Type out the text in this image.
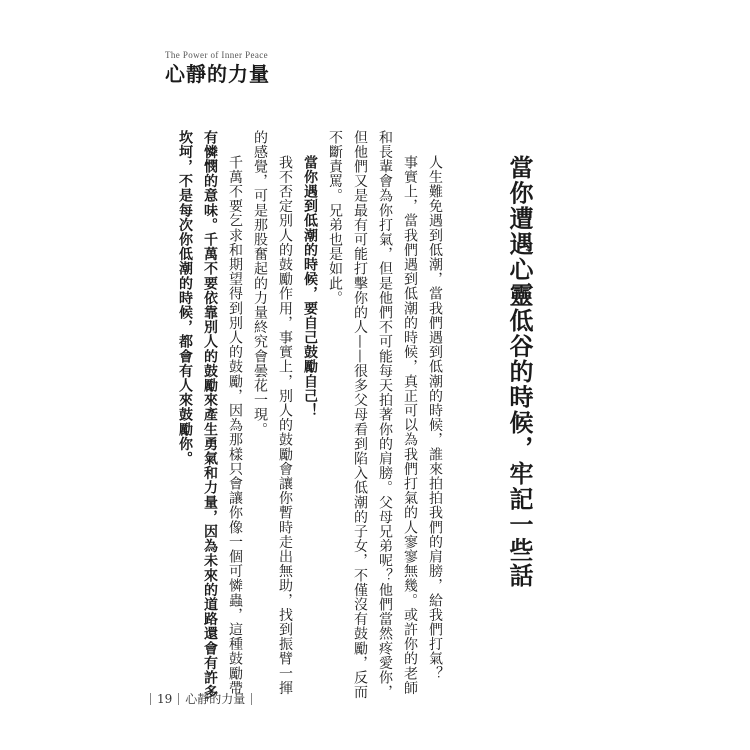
The Power of Inner Peace
心靜的力量
當你遭遇心靈低谷的時候，牢記一些話
人生難免遇到低潮，當我們遇到低潮的時候，誰來拍拍我們的肩膀，給我們打氣？
事實上，當我們遇到低潮的時候，真正可以為我們打氣的人寥寥無幾。或許你的老師
和長輩會為你打氣，但是他們不可能每天拍著你的肩膀。父母兄弟呢？他們當然疼愛你，
但他們又是最有可能打擊你的人——很多父母看到陷入低潮的子女，不僅沒有鼓勵，反而
不斷責罵。兄弟也是如此。
當你遇到低潮的時候，要自己鼓勵自己！
我不否定別人的鼓勵作用，事實上，別人的鼓勵會讓你暫時走出無助，找到振臂一揮
的感覺，可是那股奮起的力量終究會曇花一現。
千萬不要乞求和期望得到別人的鼓勵，因為那樣只會讓你像一個可憐蟲，這種鼓勵帶
有憐憫的意味。千萬不要依靠別人的鼓勵來產生勇氣和力量，因為未來的道路還會有許多
坎坷，不是每次你低潮的時候，都會有人來鼓勵你。
19 心靜的力量
